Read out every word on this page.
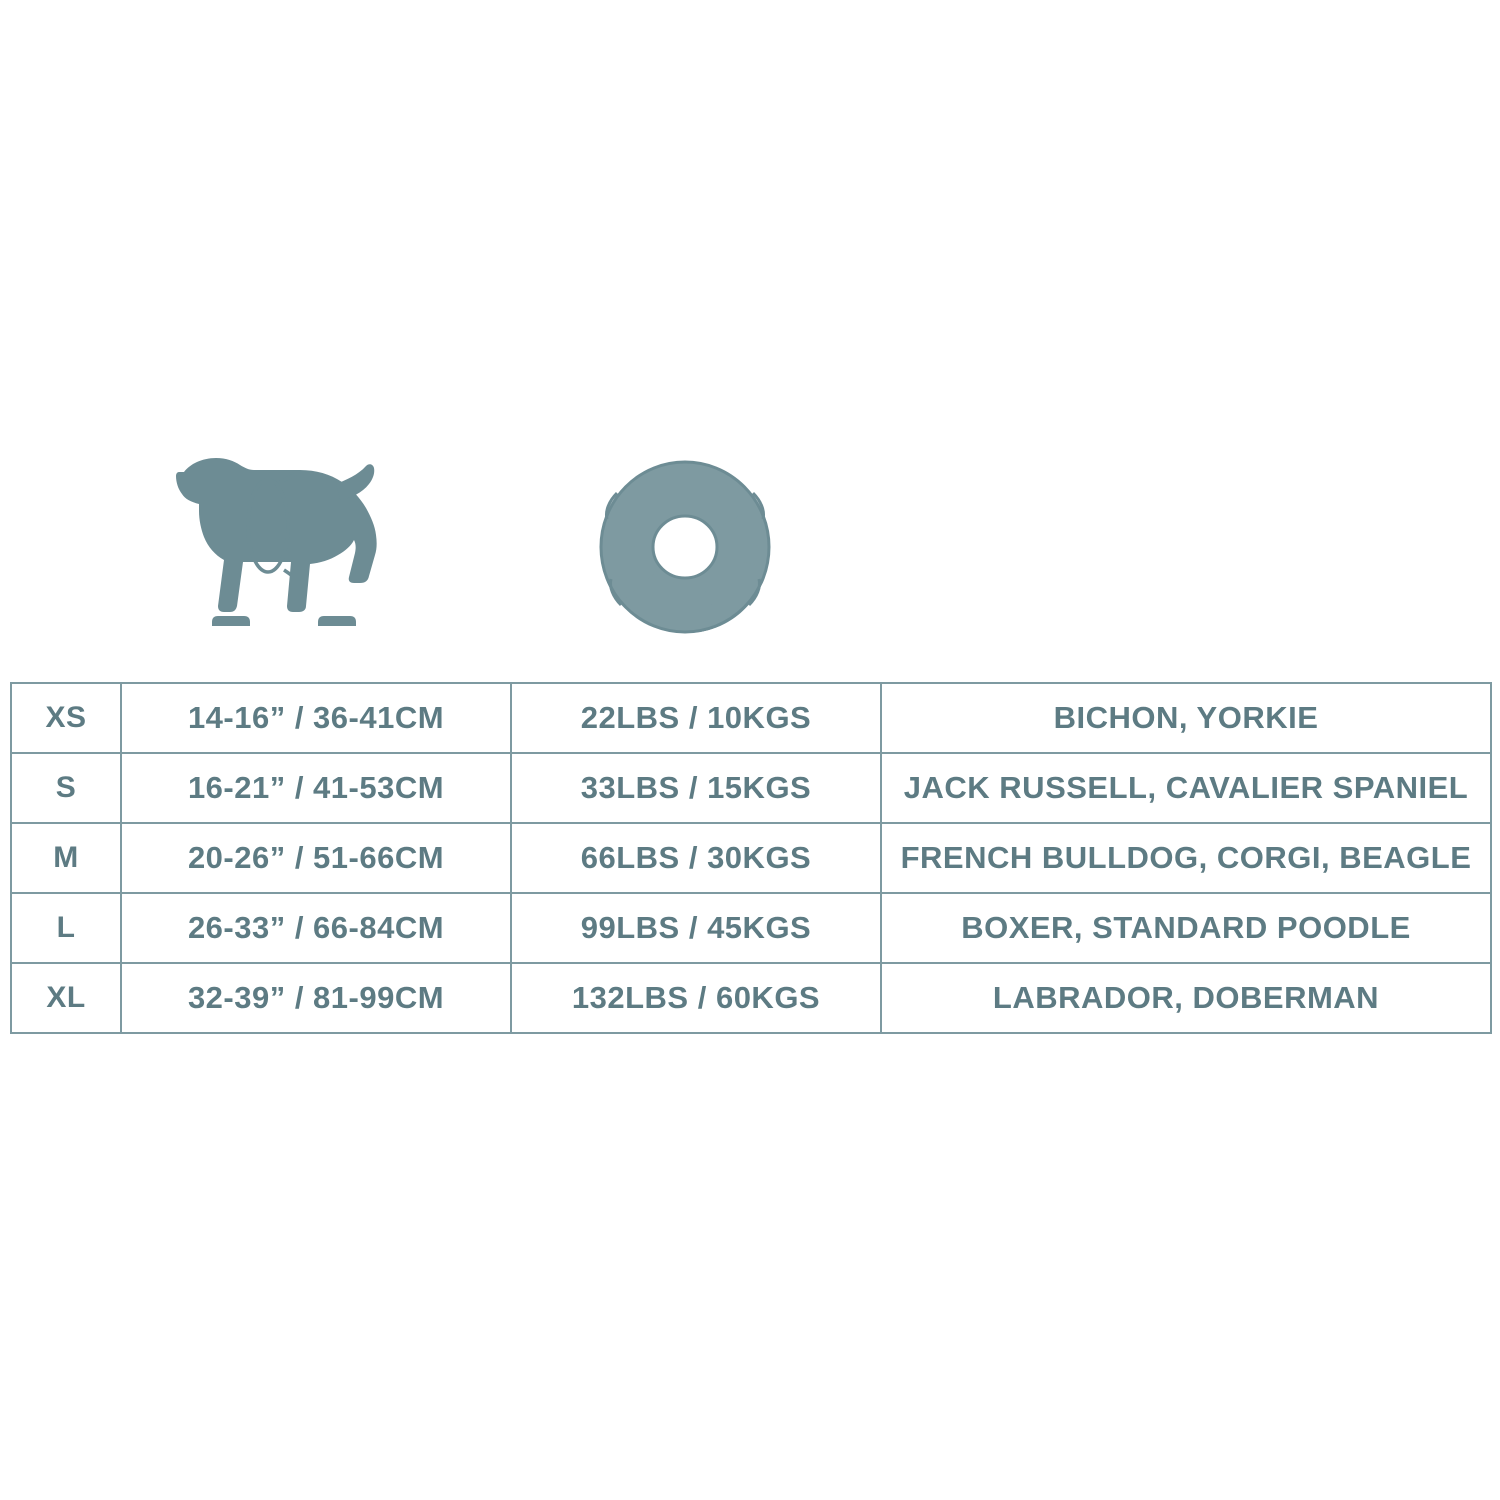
XS	14-16” / 36-41CM	22LBS / 10KGS	BICHON, YORKIE
S	16-21” / 41-53CM	33LBS / 15KGS	JACK RUSSELL, CAVALIER SPANIEL
M	20-26” / 51-66CM	66LBS / 30KGS	FRENCH BULLDOG, CORGI, BEAGLE
L	26-33” / 66-84CM	99LBS / 45KGS	BOXER, STANDARD POODLE
XL	32-39” / 81-99CM	132LBS / 60KGS	LABRADOR, DOBERMAN
